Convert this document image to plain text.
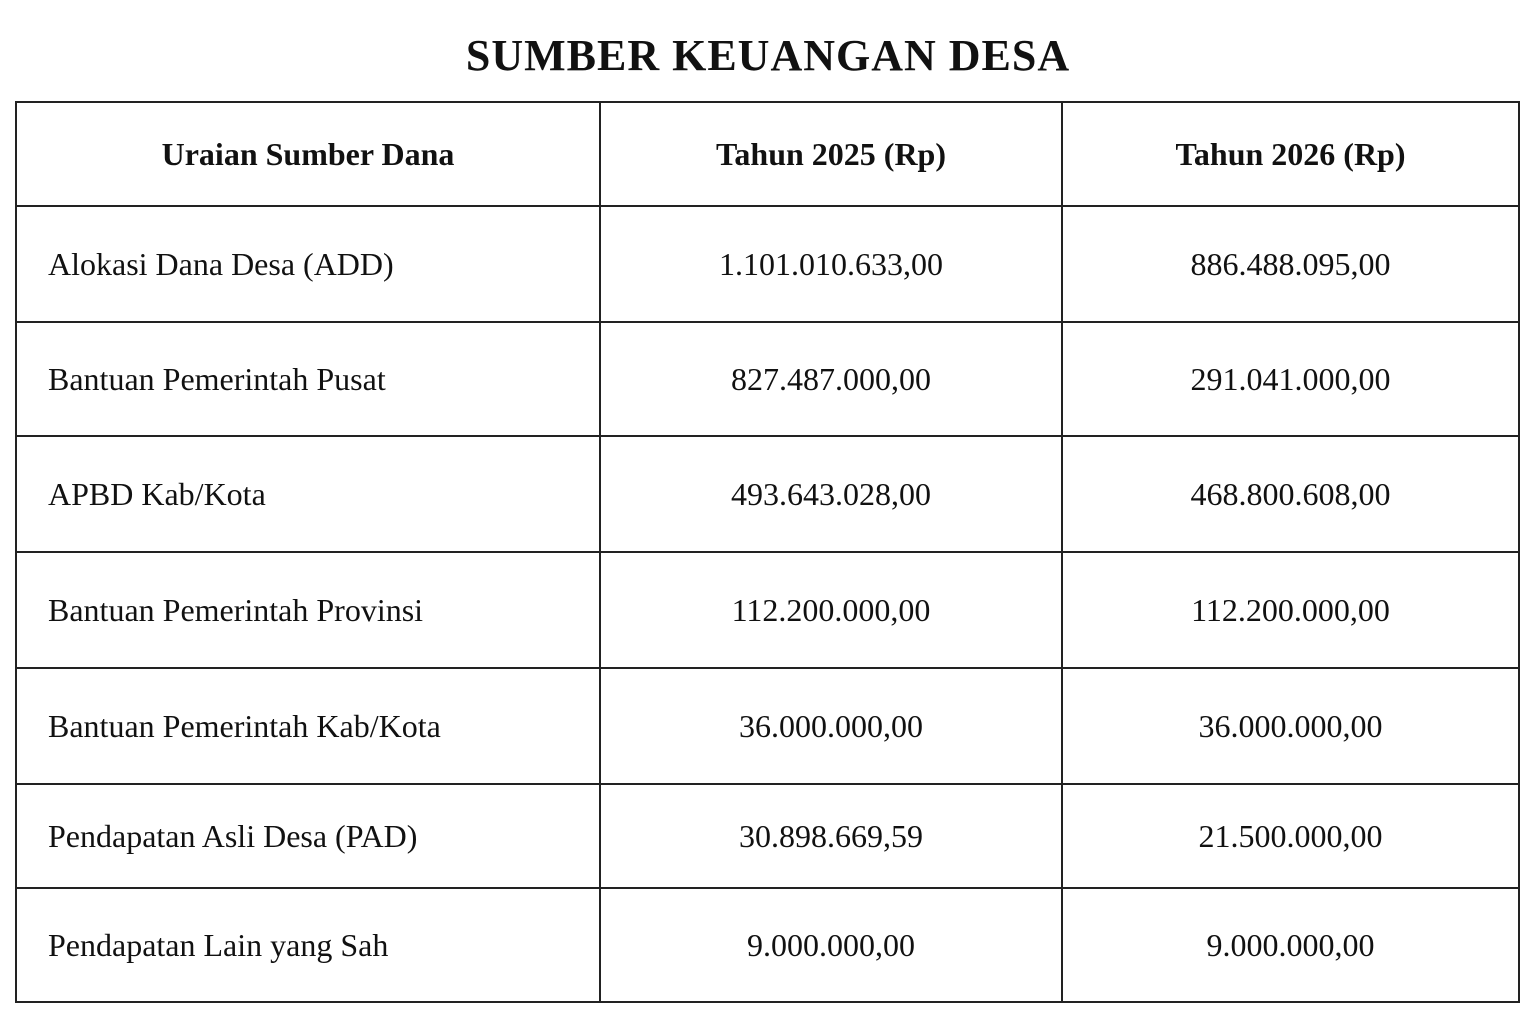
SUMBER KEUANGAN DESA
Uraian Sumber Dana	Tahun 2025 (Rp)	Tahun 2026 (Rp)
Alokasi Dana Desa (ADD)	1.101.010.633,00	886.488.095,00
Bantuan Pemerintah Pusat	827.487.000,00	291.041.000,00
APBD Kab/Kota	493.643.028,00	468.800.608,00
Bantuan Pemerintah Provinsi	112.200.000,00	112.200.000,00
Bantuan Pemerintah Kab/Kota	36.000.000,00	36.000.000,00
Pendapatan Asli Desa (PAD)	30.898.669,59	21.500.000,00
Pendapatan Lain yang Sah	9.000.000,00	9.000.000,00
